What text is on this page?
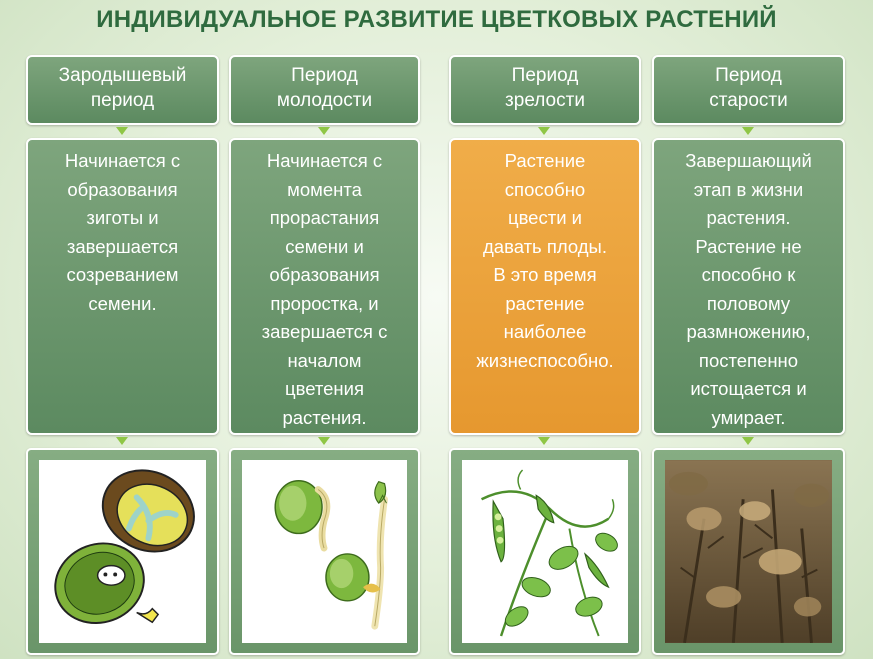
ИНДИВИДУАЛЬНОЕ РАЗВИТИЕ ЦВЕТКОВЫХ РАСТЕНИЙ
Зародышевый
период
Начинается с
образования
зиготы и
завершается
созреванием
семени.
Период
молодости
Начинается с
момента
прорастания
семени и
образования
проростка, и
завершается с
началом
цветения
растения.
Период
зрелости
Растение
способно
цвести и
давать плоды.
В это время
растение
наиболее
жизнеспособно.
Период
старости
Завершающий
этап в жизни
растения.
Растение не
способно к
половому
размножению,
постепенно
истощается и
умирает.
